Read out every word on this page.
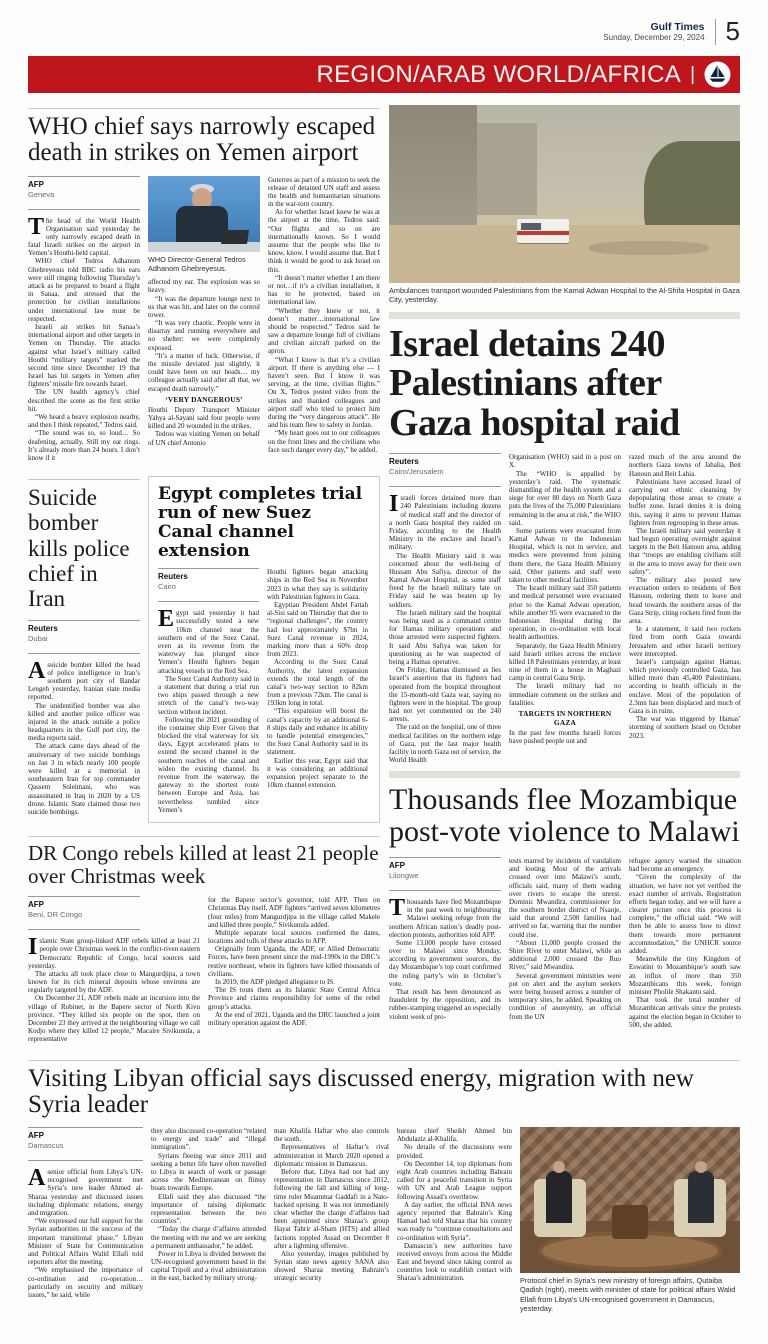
Gulf Times
Sunday, December 29, 2024 5
REGION/ARAB WORLD/AFRICA |
WHO chief says narrowly escaped death in strikes on Yemen airport
AFP
Geneva

The head of the World Health Organisation said yesterday he only narrowly escaped death in fatal Israeli strikes on the airport in Yemen’s Houthi-held capital.

WHO chief Tedros Adhanom Ghebreyesus told BBC radio his ears were still ringing following Thursday’s attack as he prepared to board a flight in Sanaa, and stressed that the protection for civilian installations under international law must be respected.

Israeli air strikes hit Sanaa’s international airport and other targets in Yemen on Thursday. The attacks against what Israel’s military called Houthi “military targets” marked the second time since December 19 that Israel has hit targets in Yemen after fighters’ missile fire towards Israel.

The UN health agency’s chief described the scene as the first strike hit.

“We heard a heavy explosion nearby, and then I think repeated,” Tedros said.

“The sound was so, so loud… So deafening, actually. Still my ear rings. It’s already more than 24 hours. I don’t know if it

WHO Director-General Tedros Adhanom Ghebreyesus.

affected my ear. The explosion was so heavy.

“It was the departure lounge next to us that was hit, and later on the control tower.

“It was very chaotic. People were in disarray and running everywhere and no shelter: we were completely exposed.

“It’s a matter of luck. Otherwise, if the missile deviated just slightly, it could have been on our heads… my colleague actually said after all that, we escaped death narrowly.”

‘VERY DANGEROUS’

Houthi Deputy Transport Minister Yahya al-Sayani said four people were killed and 20 wounded in the strikes.

Tedros was visiting Yemen on behalf of UN chief Antonio

Guterres as part of a mission to seek the release of detained UN staff and assess the health and humanitarian situations in the war-torn country.

As for whether Israel knew he was at the airport at the time, Tedros said: “Our flights and so on are internationally known. So I would assume that the people who like to know, know. I would assume that. But I think it would be good to ask Israel on this.

“It doesn’t matter whether I am there or not…if it’s a civilian installation, it has to be protected, based on international law.

“Whether they knew or not, it doesn’t matter…international law should be respected.” Tedros said he saw a departure lounge full of civilians and civilian aircraft parked on the apron.

“What I know is that it’s a civilian airport. If there is anything else — I haven’t seen. But I know it was serving, at the time, civilian flights.” On X, Tedros posted video from the strikes and thanked colleagues and airport staff who tried to protect him during the “very dangerous attack”. He and his team flew to safety in Jordan.

“My heart goes out to our colleagues on the front lines and the civilians who face such danger every day,” he added.

Suicide bomber kills police chief in Iran
Reuters
Dubai

Asuicide bomber killed the head of police intelligence in Iran’s southern port city of Bandar Lengeh yesterday, Iranian state media reported.

The unidentified bomber was also killed and another police officer was injured in the attack outside a police headquarters in the Gulf port city, the media reports said.

The attack came days ahead of the anniversary of two suicide bombings on Jan 3 in which nearly 100 people were killed at a memorial in southeastern Iran for top commander Qassem Soleimani, who was assassinated in Iraq in 2020 by a US drone. Islamic State claimed those two suicide bombings.

Egypt completes trial run of new Suez Canal channel extension
Reuters
Cairo

Egypt said yesterday it had successfully tested a new 10km channel near the southern end of the Suez Canal, even as its revenue from the waterway has plunged since Yemen’s Houthi fighters began attacking vessels in the Red Sea.

The Suez Canal Authority said in a statement that during a trial run two ships passed through a new stretch of the canal’s two-way section without incident.

Following the 2021 grounding of the container ship Ever Given that blocked the vital waterway for six days, Egypt accelerated plans to extend the second channel in the southern reaches of the canal and widen the existing channel. Its revenue from the waterway, the gateway to the shortest route between Europe and Asia, has nevertheless tumbled since Yemen’s

Houthi fighters began attacking ships in the Red Sea in November 2023 in what they say is solidarity with Palestinian fighters in Gaza.

Egyptian President Abdel Fattah al-Sisi said on Thursday that due to “regional challenges”, the country had lost approximately $7bn in Suez Canal revenue in 2024, marking more than a 60% drop from 2023.

According to the Suez Canal Authority, the latest expansion extends the total length of the canal’s two-way section to 82km from a previous 72km. The canal is 193km long in total.

“This expansion will boost the canal’s capacity by an additional 6-8 ships daily and enhance its ability to handle potential emergencies,” the Suez Canal Authority said in its statement.

Earlier this year, Egypt said that it was considering an additional expansion project separate to the 10km channel extension.

DR Congo rebels killed at least 21 people over Christmas week
AFP
Beni, DR Congo

Islamic State group-linked ADF rebels killed at least 21 people over Christmas week in the conflict-riven eastern Democratic Republic of Congo, local sources said yesterday.

The attacks all took place close to Mangurdjipa, a town known for its rich mineral deposits whose environs are regularly targeted by the ADF.

On December 21, ADF rebels made an incursion into the village of Robinet, in the Bapere sector of North Kivu province. “They killed six people on the spot, then on December 23 they arrived at the neighbouring village we call Kodjo where they killed 12 people,” Macaire Sivikunula, a representative

for the Bapere sector’s governor, told AFP. Then on Christmas Day itself, ADF fighters “arrived seven kilometres (four miles) from Mangurdjipa in the village called Makele and killed three people,” Sivikunula added.

Multiple separate local sources confirmed the dates, locations and tolls of these attacks to AFP.

Originally from Uganda, the ADF, or Allied Democratic Forces, have been present since the mid-1990s in the DRC’s restive northeast, where its fighters have killed thousands of civilians.

In 2019, the ADF pledged allegiance to IS.

The IS touts them as its Islamic State Central Africa Province and claims responsibility for some of the rebel group’s attacks.

At the end of 2021, Uganda and the DRC launched a joint military operation against the ADF.

Ambulances transport wounded Palestinians from the Kamal Adwan Hospital to the Al-Shifa Hospital in Gaza City, yesterday.
Israel detains 240 Palestinians after Gaza hospital raid
Reuters
Cairo/Jerusalem

Israeli forces detained more than 240 Palestinians including dozens of medical staff and the director of a north Gaza hospital they raided on Friday, according to the Health Ministry in the enclave and Israel’s military.

The Health Ministry said it was concerned about the well-being of Hussam Abu Safiya, director of the Kamal Adwan Hospital, as some staff freed by the Israeli military late on Friday said he was beaten up by soldiers.

The Israeli military said the hospital was being used as a command centre for Hamas military operations and those arrested were suspected fighters. It said Abu Safiya was taken for questioning as he was suspected of being a Hamas operative.

On Friday, Hamas dismissed as lies Israel’s assertion that its fighters had operated from the hospital throughout the 15-month-old Gaza war, saying no fighters were in the hospital. The group had not yet commented on the 240 arrests.

The raid on the hospital, one of three medical facilities on the northern edge of Gaza, put the last major health facility in north Gaza out of service, the World Health

Organisation (WHO) said in a post on X.

The “WHO is appalled by yesterday’s raid. The systematic dismantling of the health system and a siege for over 80 days on North Gaza puts the lives of the 75,000 Palestinians remaining in the area at risk,” the WHO said.

Some patients were evacuated from Kamal Adwan to the Indonesian Hospital, which is not in service, and medics were prevented from joining them there, the Gaza Health Ministry said. Other patients and staff were taken to other medical facilities.

The Israeli military said 350 patients and medical personnel were evacuated prior to the Kamal Adwan operation, while another 95 were evacuated to the Indonesian Hospital during the operation, in co-ordination with local health authorities.

Separately, the Gaza Health Ministry said Israeli strikes across the enclave killed 18 Palestinians yesterday, at least nine of them in a house in Maghazi camp in central Gaza Strip.

The Israeli military had no immediate comment on the strikes and fatalities.

TARGETS IN NORTHERN GAZA

In the past few months Israeli forces have pushed people out and

razed much of the area around the northern Gaza towns of Jabalia, Beit Hanoun and Beit Lahia.

Palestinians have accused Israel of carrying out ethnic cleansing by depopulating those areas to create a buffer zone. Israel denies it is doing this, saying it aims to prevent Hamas fighters from regrouping in these areas.

The Israeli military said yesterday it had begun operating overnight against targets in the Beit Hanoun area, adding that “troops are enabling civilians still in the area to move away for their own safety”.

The military also posted new evacuation orders to residents of Beit Hanoun, ordering them to leave and head towards the southern areas of the Gaza Strip, citing rockets fired from the area.

In a statement, it said two rockets fired from north Gaza towards Jerusalem and other Israeli territory were intercepted.

Israel’s campaign against Hamas, which previously controlled Gaza, has killed more than 45,400 Palestinians, according to health officials in the enclave. Most of the population of 2.3mn has been displaced and much of Gaza is in ruins.

The war was triggered by Hamas’ storming of southern Israel on October 2023.

Thousands flee Mozambique post-vote violence to Malawi
AFP
Lilongwe

Thousands have fled Mozambique in the past week to neighbouring Malawi seeking refuge from the southern African nation’s deadly post-election protests, authorities told AFP.

Some 13,000 people have crossed over to Malawi since Monday, according to government sources, the day Mozambique’s top court confirmed the ruling party’s win in October’s vote.

That result has been denounced as fraudulent by the opposition, and its rubber-stamping triggered an especially violent week of pro-

tests marred by incidents of vandalism and looting. Most of the arrivals crossed over into Malawi’s south, officials said, many of them wading over rivers to escape the unrest. Dominic Mwandira, commissioner for the southern border district of Nsanje, said that around 2,500 families had arrived so far, warning that the number could rise.

“About 11,000 people crossed the Shire River to enter Malawi, while an additional 2,000 crossed the Ruo River,” said Mwandira.

Several government ministries were put on alert and the asylum seekers were being housed across a number of temporary sites, he added. Speaking on condition of anonymity, an official from the UN

refugee agency warned the situation had become an emergency.

“Given the complexity of the situation, we have not yet verified the exact number of arrivals. Registration efforts began today, and we will have a clearer picture once this process is complete,” the official said. “We will then be able to assess how to direct them towards more permanent accommodation,” the UNHCR source added.

Meanwhile the tiny Kingdom of Eswatini to Mozambique’s south saw an influx of more than 350 Mozambicans this week, foreign minister Pholile Shakantu said.

That took the total number of Mozambican arrivals since the protests against the election began in October to 500, she added.

Visiting Libyan official says discussed energy, migration with new Syria leader
AFP
Damascus

Asenior official from Libya’s UN-recognised government met Syria’s new leader Ahmed al-Sharaa yesterday and discussed issues including diplomatic relations, energy and migration.

“We expressed our full support for the Syrian authorities in the success of the important transitional phase,” Libyan Minister of State for Communication and Political Affairs Walid Ellafi told reporters after the meeting.

“We emphasised the importance of co-ordination and co-operation…particularly on security and military issues,” he said, while

they also discussed co-operation “related to energy and trade” and “illegal immigration”.

Syrians fleeing war since 2011 and seeking a better life have often travelled to Libya in search of work or passage across the Mediterranean on flimsy boats towards Europe.

Ellafi said they also discussed “the importance of raising diplomatic representation between the two countries”.

“Today the charge d’affaires attended the meeting with me and we are seeking a permanent ambassador,” he added.

Power in Libya is divided between the UN-recognised government based in the capital Tripoli and a rival administration in the east, backed by military strong-

man Khalifa Haftar who also controls the south.

Representatives of Haftar’s rival administration in March 2020 opened a diplomatic mission in Damascus.

Before that, Libya had not had any representation in Damascus since 2012, following the fall and killing of long-time ruler Muammar Gaddafi in a Nato-backed uprising. It was not immediately clear whether the charge d’affaires had been appointed since Sharaa’s group Hayat Tahrir al-Sham (HTS) and allied factions toppled Assad on December 8 after a lightning offensive.

Also yesterday, images published by Syrian state news agency SANA also showed Sharaa meeting Bahrain’s strategic security

bureau chief Sheikh Ahmed bin Abdulaziz al-Khalifa.

No details of the discussions were provided.

On December 14, top diplomats from eight Arab countries including Bahrain called for a peaceful transition in Syria with UN and Arab League support following Assad’s overthrow.

A day earlier, the official BNA news agency reported that Bahrain’s King Hamad had told Sharaa that his country was ready to “continue consultations and co-ordination with Syria”.

Damascus’s new authorities have received envoys from across the Middle East and beyond since taking control as countries look to establish contact with Sharaa’s administration.	Protocol chief in Syria’s new ministry of foreign affairs, Qutaiba Qadish (right), meets with minister of state for political affairs Walid Ellafi from Libya’s UN-recognised government in Damascus, yesterday.
